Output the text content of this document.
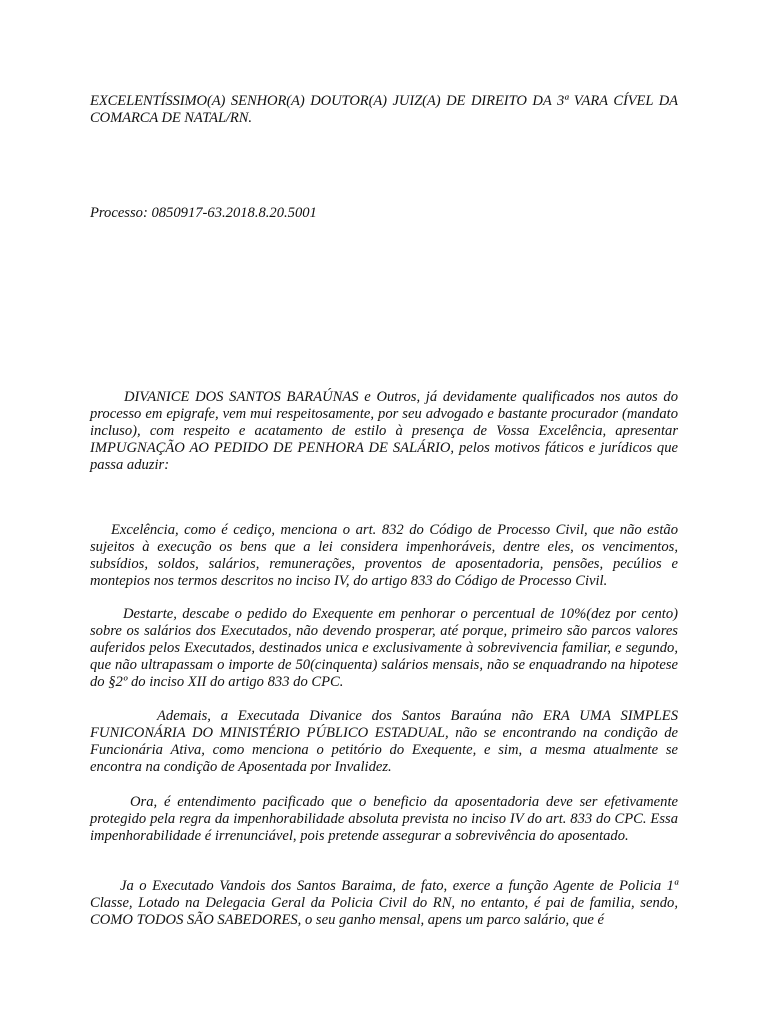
EXCELENTÍSSIMO(A) SENHOR(A) DOUTOR(A) JUIZ(A) DE DIREITO DA 3ª VARA CÍVEL DA COMARCA DE NATAL/RN.
Processo: 0850917-63.2018.8.20.5001

DIVANICE DOS SANTOS BARAÚNAS e Outros, já devidamente qualificados nos autos do processo em epigrafe, vem mui respeitosamente, por seu advogado e bastante procurador (mandato incluso), com respeito e acatamento de estilo à presença de Vossa Excelência, apresentar IMPUGNAÇÃO AO PEDIDO DE PENHORA DE SALÁRIO, pelos motivos fáticos e jurídicos que passa aduzir:

Excelência, como é cediço, menciona o art. 832 do Código de Processo Civil, que não estão sujeitos à execução os bens que a lei considera impenhoráveis, dentre eles, os vencimentos, subsídios, soldos, salários, remunerações, proventos de aposentadoria, pensões, pecúlios e montepios nos termos descritos no inciso IV, do artigo 833 do Código de Processo Civil.

Destarte, descabe o pedido do Exequente em penhorar o percentual de 10%(dez por cento) sobre os salários dos Executados, não devendo prosperar, até porque, primeiro são parcos valores auferidos pelos Executados, destinados unica e exclusivamente à sobrevivencia familiar, e segundo, que não ultrapassam o importe de 50(cinquenta) salários mensais, não se enquadrando na hipotese do §2º do inciso XII do artigo 833 do CPC.

Ademais, a Executada Divanice dos Santos Baraúna não ERA UMA SIMPLES FUNICONÁRIA DO MINISTÉRIO PÚBLICO ESTADUAL, não se encontrando na condição de Funcionária Ativa, como menciona o petitório do Exequente, e sim, a mesma atualmente se encontra na condição de Aposentada por Invalidez.

Ora, é entendimento pacificado que o beneficio da aposentadoria deve ser efetivamente protegido pela regra da impenhorabilidade absoluta prevista no inciso IV do art. 833 do CPC. Essa impenhorabilidade é irrenunciável, pois pretende assegurar a sobrevivência do aposentado.

Ja o Executado Vandois dos Santos Baraima, de fato, exerce a função Agente de Policia 1ª Classe, Lotado na Delegacia Geral da Policia Civil do RN, no entanto, é pai de familia, sendo, COMO TODOS SÃO SABEDORES, o seu ganho mensal, apens um parco salário, que é
